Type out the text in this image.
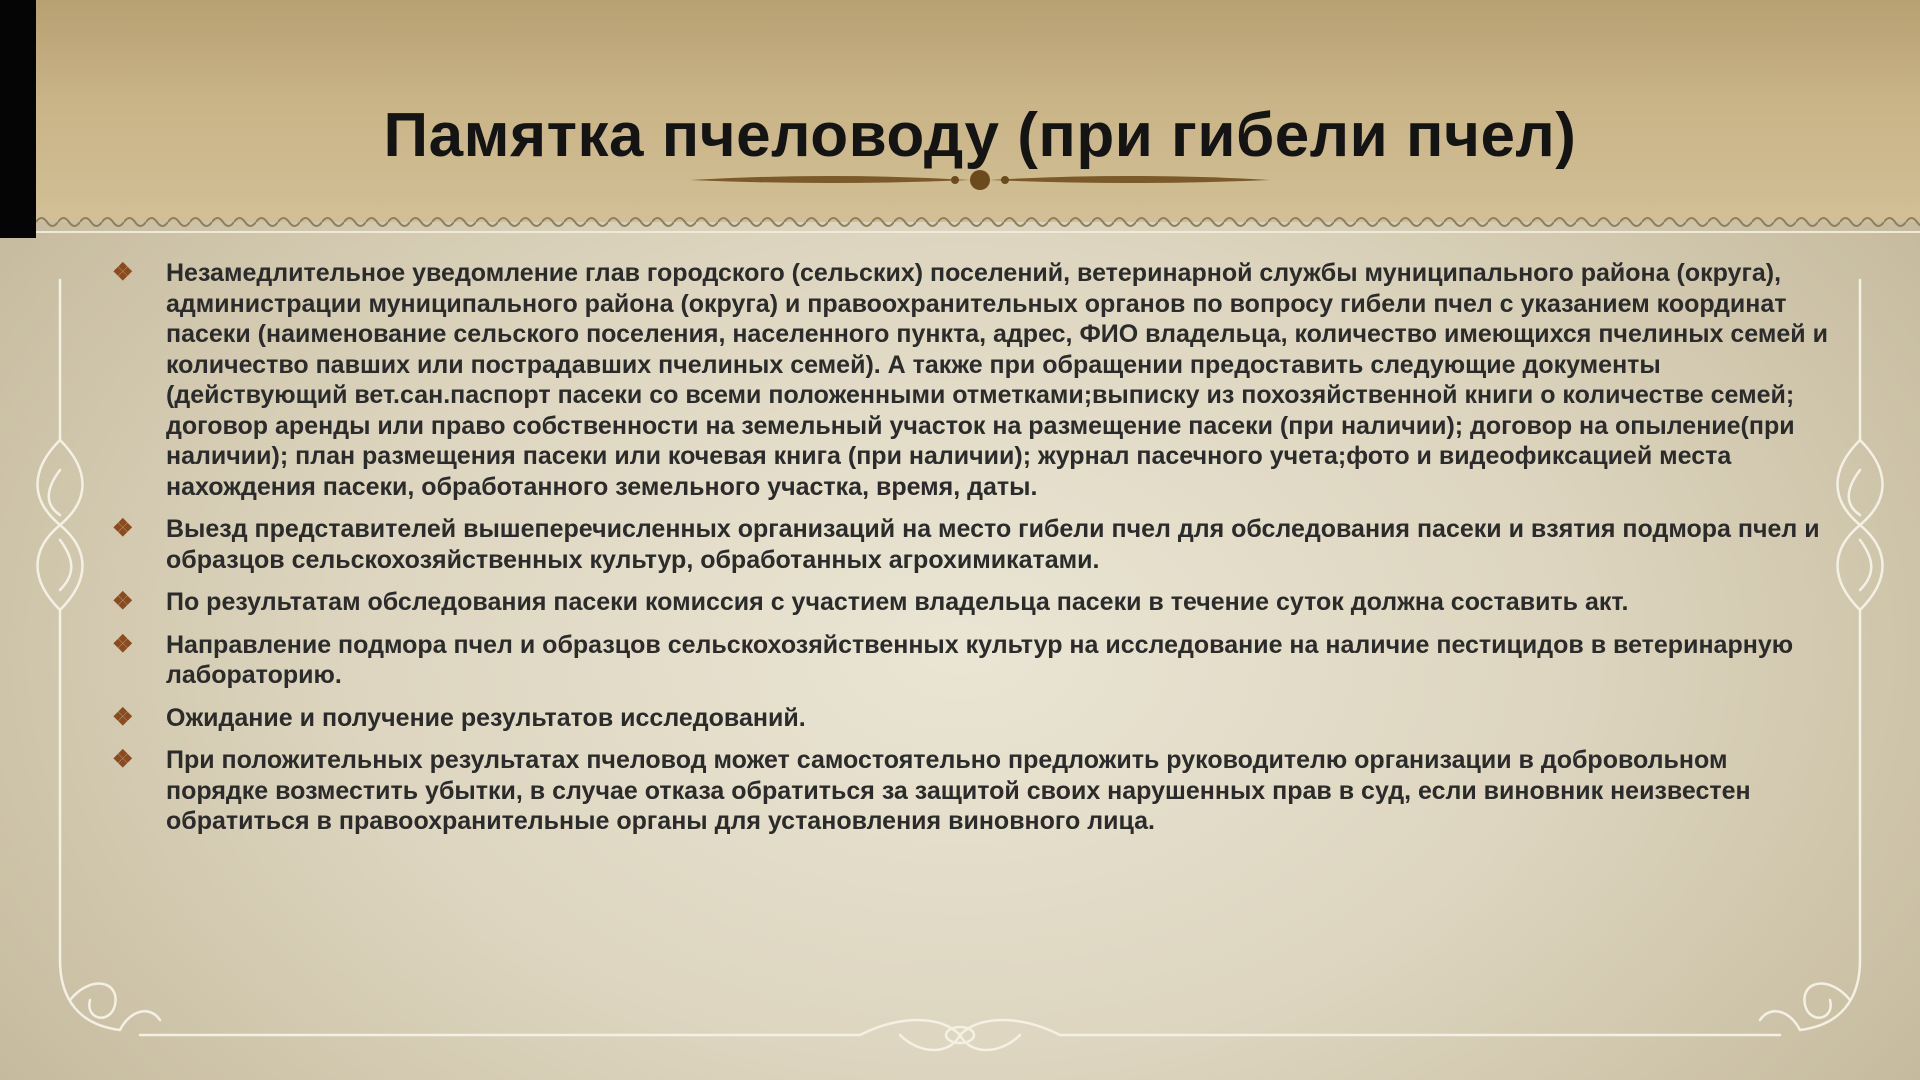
Памятка пчеловоду (при гибели пчел)
❖ Незамедлительное уведомление глав городского (сельских) поселений, ветеринарной службы муниципального района (округа), администрации муниципального района (округа) и правоохранительных органов по вопросу гибели пчел с указанием координат пасеки (наименование сельского поселения, населенного пункта, адрес, ФИО владельца, количество имеющихся пчелиных семей и количество павших или пострадавших пчелиных семей). А также при обращении предоставить следующие документы (действующий вет.сан.паспорт пасеки со всеми положенными отметками;выписку из похозяйственной книги о количестве семей; договор аренды или право собственности на земельный участок на размещение пасеки (при наличии); договор на опыление(при наличии); план размещения пасеки или кочевая книга (при наличии); журнал пасечного учета;фото и видеофиксацией места нахождения пасеки, обработанного земельного участка, время, даты.
❖ Выезд представителей вышеперечисленных организаций на место гибели пчел для обследования пасеки и взятия подмора пчел и образцов сельскохозяйственных культур, обработанных агрохимикатами.
❖ По результатам обследования пасеки комиссия с участием владельца пасеки в течение суток должна составить акт.
❖ Направление подмора пчел и образцов сельскохозяйственных культур на исследование на наличие пестицидов в ветеринарную лабораторию.
❖ Ожидание и получение результатов исследований.
❖ При положительных результатах пчеловод может самостоятельно предложить руководителю организации в добровольном порядке возместить убытки, в случае отказа обратиться за защитой своих нарушенных прав в суд, если виновник неизвестен обратиться в правоохранительные органы для установления виновного лица.
